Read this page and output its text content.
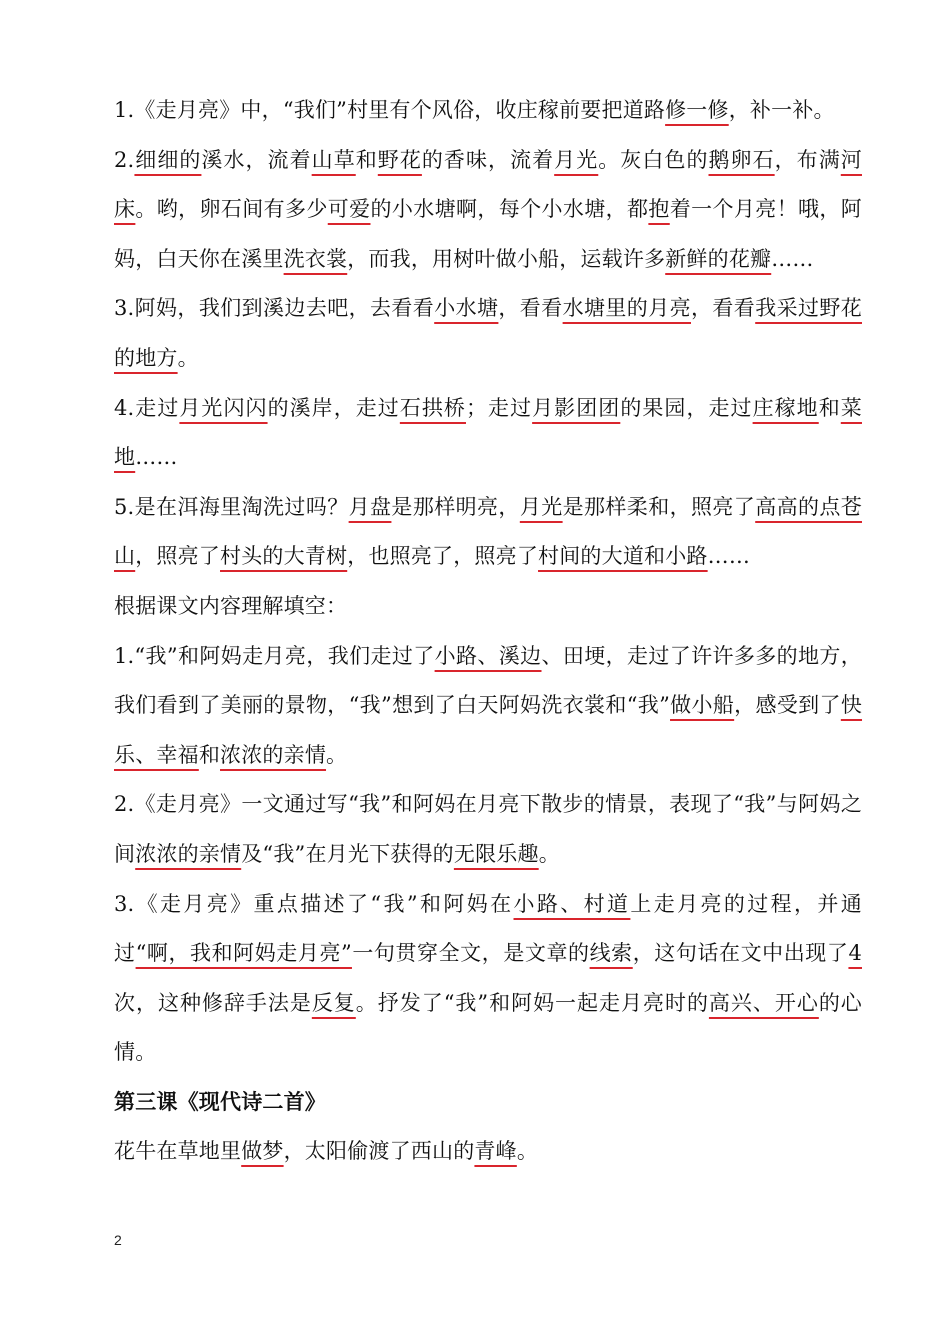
1.《走月亮》中，“我们”村里有个风俗，收庄稼前要把道路修一修，补一补。

2.细细的溪水，流着山草和野花的香味，流着月光。灰白色的鹅卵石，布满河床。哟，卵石间有多少可爱的小水塘啊，每个小水塘，都抱着一个月亮！哦，阿妈，白天你在溪里洗衣裳，而我，用树叶做小船，运载许多新鲜的花瓣……

3.阿妈，我们到溪边去吧，去看看小水塘，看看水塘里的月亮，看看我采过野花的地方。

4.走过月光闪闪的溪岸，走过石拱桥；走过月影团团的果园，走过庄稼地和菜地……

5.是在洱海里淘洗过吗？月盘是那样明亮，月光是那样柔和，照亮了高高的点苍山，照亮了村头的大青树，也照亮了，照亮了村间的大道和小路……

根据课文内容理解填空：

1.“我”和阿妈走月亮，我们走过了小路、溪边、田埂，走过了许许多多的地方，我们看到了美丽的景物，“我”想到了白天阿妈洗衣裳和“我”做小船，感受到了快乐、幸福和浓浓的亲情。

2.《走月亮》一文通过写“我”和阿妈在月亮下散步的情景，表现了“我”与阿妈之间浓浓的亲情及“我”在月光下获得的无限乐趣。

3.《走月亮》重点描述了“我”和阿妈在小路、村道上走月亮的过程，并通过“啊，我和阿妈走月亮”一句贯穿全文，是文章的线索，这句话在文中出现了4次，这种修辞手法是反复。抒发了“我”和阿妈一起走月亮时的高兴、开心的心情。

第三课《现代诗二首》

花牛在草地里做梦，太阳偷渡了西山的青峰。

2
